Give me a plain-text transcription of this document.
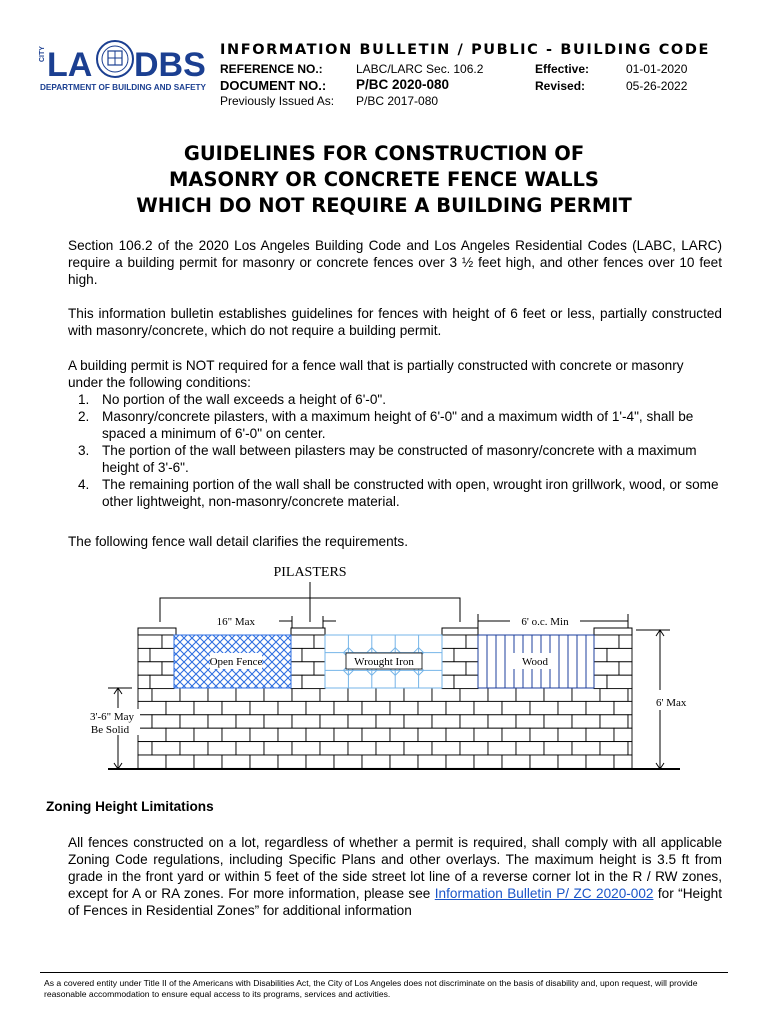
CITY LA DBS
DEPARTMENT OF BUILDING AND SAFETY
INFORMATION BULLETIN / PUBLIC - BUILDING CODE
REFERENCE NO.:	LABC/LARC Sec. 106.2	Effective:	01-01-2020
DOCUMENT NO.: P/BC 2020-080	Revised:	05-26-2022
Previously Issued As: P/BC 2017-080
GUIDELINES FOR CONSTRUCTION OF
MASONRY OR CONCRETE FENCE WALLS
WHICH DO NOT REQUIRE A BUILDING PERMIT
Section 106.2 of the 2020 Los Angeles Building Code and Los Angeles Residential Codes (LABC, LARC) require a building permit for masonry or concrete fences over 3 ½ feet high, and other fences over 10 feet high.
This information bulletin establishes guidelines for fences with height of 6 feet or less, partially constructed with masonry/concrete, which do not require a building permit.
A building permit is NOT required for a fence wall that is partially constructed with concrete or masonry under the following conditions:
1. No portion of the wall exceeds a height of 6'-0".
2. Masonry/concrete pilasters, with a maximum height of 6'-0" and a maximum width of 1'-4", shall be spaced a minimum of 6'-0" on center.
3. The portion of the wall between pilasters may be constructed of masonry/concrete with a maximum height of 3'-6".
4. The remaining portion of the wall shall be constructed with open, wrought iron grillwork, wood, or some other lightweight, non-masonry/concrete material.
The following fence wall detail clarifies the requirements.
PILASTERS
16" Max	6' o.c. Min
Open Fence	Wrought Iron	Wood
3'-6" May
Be Solid
6' Max
Zoning Height Limitations
All fences constructed on a lot, regardless of whether a permit is required, shall comply with all applicable Zoning Code regulations, including Specific Plans and other overlays. The maximum height is 3.5 ft from grade in the front yard or within 5 feet of the side street lot line of a reverse corner lot in the R / RW zones, except for A or RA zones. For more information, please see Information Bulletin P/ ZC 2020-002 for “Height of Fences in Residential Zones” for additional information
As a covered entity under Title II of the Americans with Disabilities Act, the City of Los Angeles does not discriminate on the basis of disability and, upon request, will provide reasonable accommodation to ensure equal access to its programs, services and activities.
